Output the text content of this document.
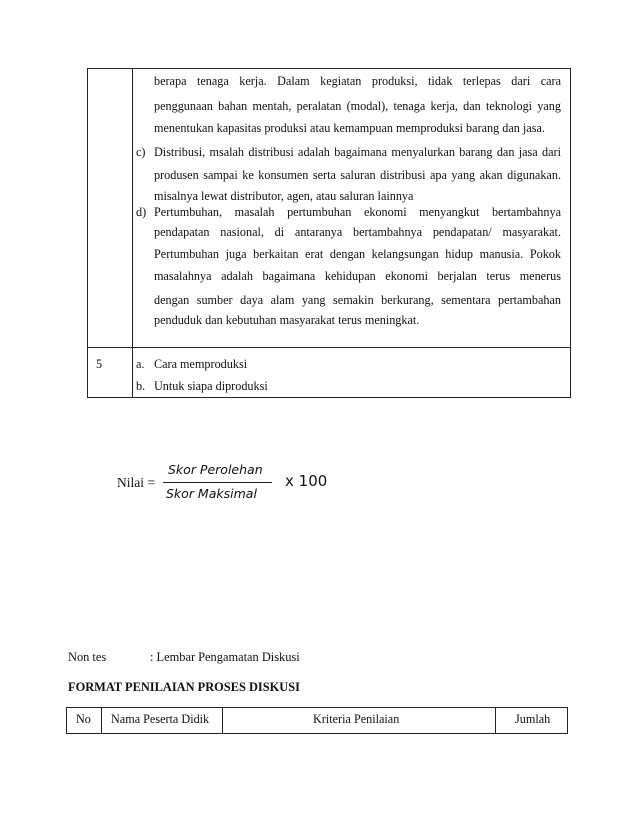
berapa tenaga kerja. Dalam kegiatan produksi, tidak terlepas dari cara
penggunaan bahan mentah, peralatan (modal), tenaga kerja, dan teknologi yang
menentukan kapasitas produksi atau kemampuan memproduksi barang dan jasa.
c) Distribusi, msalah distribusi adalah bagaimana menyalurkan barang dan jasa dari
produsen sampai ke konsumen serta saluran distribusi apa yang akan digunakan.
misalnya lewat distributor, agen, atau saluran lainnya
d) Pertumbuhan, masalah pertumbuhan ekonomi menyangkut bertambahnya
pendapatan nasional, di antaranya bertambahnya pendapatan/ masyarakat.
Pertumbuhan juga berkaitan erat dengan kelangsungan hidup manusia. Pokok
masalahnya adalah bagaimana kehidupan ekonomi berjalan terus menerus
dengan sumber daya alam yang semakin berkurang, sementara pertambahan
penduduk dan kebutuhan masyarakat terus meningkat.
5	a. Cara memproduksi
b. Untuk siapa diproduksi
Nilai =
Skor Perolehan
Skor Maksimal
x 100
Non tes	: Lembar Pengamatan Diskusi
FORMAT PENILAIAN PROSES DISKUSI
No Nama Peserta Didik	Kriteria Penilaian	Jumlah
